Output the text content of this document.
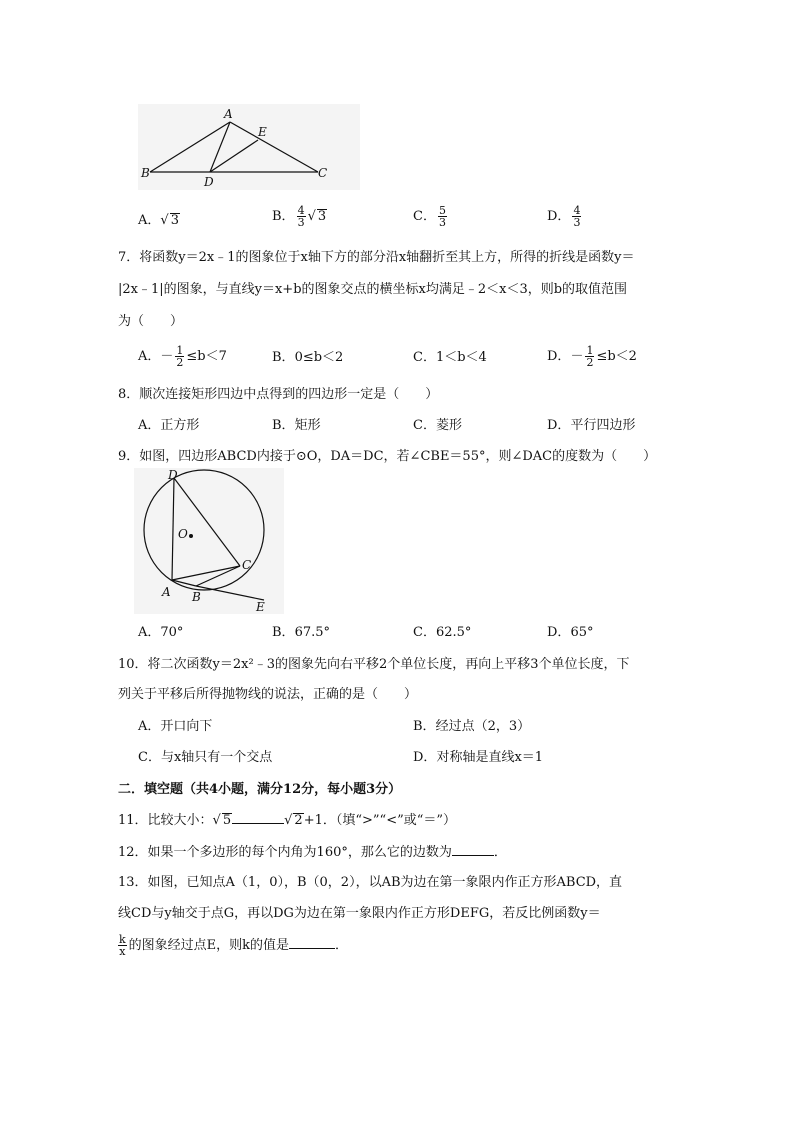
A
E
B
D
C
A．√ 3	B． $\frac{4}{3}$ √ 3	C． $\frac{5}{3}$	D． $\frac{4}{3}$
7．将函数y＝2x﹣1的图象位于x轴下方的部分沿x轴翻折至其上方，所得的折线是函数y＝
|2x﹣1|的图象，与直线y＝x+b的图象交点的横坐标x均满足﹣2＜x＜3，则b的取值范围
为（　　）
A．－ $\frac{1}{2} \le b<7$	B．0≤b＜2	C．1＜b＜4	D．－ $\frac{1}{2} \le b<2$
8．顺次连接矩形四边中点得到的四边形一定是（　　）
A．正方形	B．矩形	C．菱形	D．平行四边形
9．如图，四边形ABCD内接于⊙O，DA＝DC，若∠CBE＝55°，则∠DAC的度数为（　　）
D
O
C
A B
E
A．70°	B．67.5°	C．62.5°	D．65°
10．将二次函数y＝2x²﹣3的图象先向右平移2个单位长度，再向上平移3个单位长度，下
列关于平移后所得抛物线的说法，正确的是（　　）
A．开口向下	B．经过点（2，3）
C．与x轴只有一个交点	D．对称轴是直线x＝1
二．填空题（共4小题，满分12分，每小题3分）
11．比较大小：√ 5	√ 2+1．（填“>”“<”或“＝”）
12．如果一个多边形的每个内角为160°，那么它的边数为	．
13．如图，已知点A（1，0），B（0，2），以AB为边在第一象限内作正方形ABCD，直
线CD与y轴交于点G，再以DG为边在第一象限内作正方形DEFG，若反比例函数y＝
$\frac{k}{x}$ 的图象经过点E，则k的值是	．
